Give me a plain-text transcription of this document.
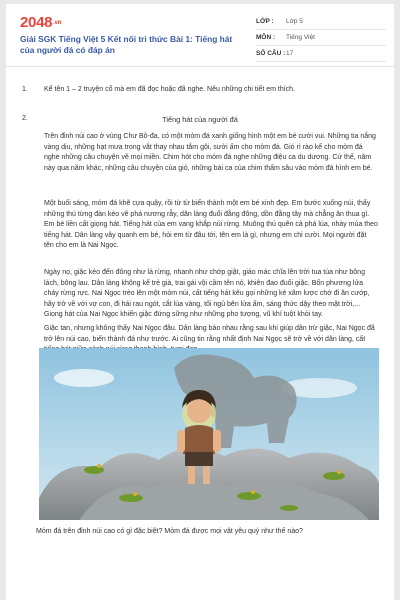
2048.vn
Giải SGK Tiếng Việt 5 Kết nối tri thức Bài 1: Tiếng hát của người đá có đáp án
LỚP :	Lớp 5
MÔN :	Tiếng Việt
SỐ CÂU : 17
1. Kể tên 1 – 2 truyện cổ mà em đã đọc hoặc đã nghe. Nêu những chi tiết em thích.
2.	Tiếng hát của người đá

Trên đỉnh núi cao ở vùng Chư Bô-đa, có một mỏm đá xanh giống hình một em bé cười vui. Những tia nắng vàng dịu, những hạt mưa trong vắt thay nhau tắm gội, sưởi ấm cho mỏm đá. Gió rì rào kể cho mỏm đá nghe những câu chuyện về mọi miền. Chim hót cho mỏm đá nghe những điệu ca du dương. Cứ thế, năm này qua năm khác, những câu chuyện của gió, những bài ca của chim thấm sâu vào mỏm đá hình em bé.

Một buổi sáng, mỏm đá khẽ cựa quậy, rồi từ từ biến thành một em bé xinh đẹp. Em bước xuống núi, thấy những thú từng đàn kéo về phá nương rẫy, dân làng đuổi đằng đông, dồn đằng tây mà chẳng ăn thua gì. Em bé liền cất giọng hát. Tiếng hát của em vang khắp núi rừng. Muông thú quên cả phá lúa, nhảy múa theo tiếng hát. Dân làng vây quanh em bé, hỏi em từ đâu tới, tên em là gì, nhưng em chỉ cười. Mọi người đặt tên cho em là Nai Ngọc.

Ngày nọ, giặc kéo đến đông như lá rừng, nhanh như chớp giật, giáo mác chĩa lên trời tua tủa như bông lách, bông lau. Dân làng không kể trẻ già, trai gái vội cầm tên nỏ, khiên đao đuổi giặc. Bốn phương lửa cháy rừng rực. Nai Ngọc trèo lên một mỏm núi, cất tiếng hát kêu gọi những kẻ xâm lược chớ đi ăn cướp, hãy trở về với vợ con, đi hái rau ngót, cắt lúa vàng, tối ngủ bên lửa ấm, sáng thức dậy theo mặt trời,... Giọng hát của Nai Ngọc khiến giặc đứng sững như những pho tượng, vũ khí tuột khỏi tay.

Giặc tan, nhưng không thấy Nai Ngọc đâu. Dân làng bảo nhau rằng sau khi giúp dân trừ giặc, Nai Ngọc đã trở lên núi cao, biến thành đá như trước. Ai cũng tin rằng nhất định Nai Ngọc sẽ trở về với dân làng, cất

Mỏm đá trên đỉnh núi cao có gì đặc biệt? Mỏm đá được mọi vật yêu quý như thế nào?
